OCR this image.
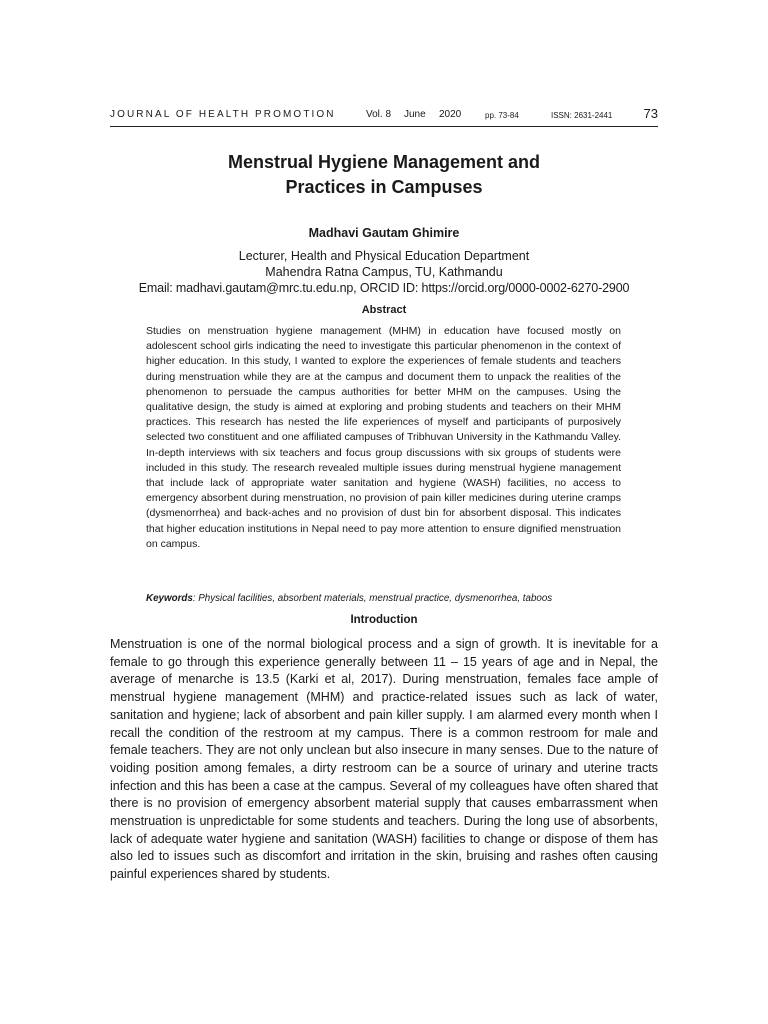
JOURNAL OF HEALTH PROMOTION	Vol. 8 June 2020	pp. 73-84	ISSN: 2631-2441 73
Menstrual Hygiene Management and
Practices in Campuses
Madhavi Gautam Ghimire
Lecturer, Health and Physical Education Department
Mahendra Ratna Campus, TU, Kathmandu
Email: madhavi.gautam@mrc.tu.edu.np, ORCID ID: https://orcid.org/0000-0002-6270-2900
Abstract

Studies on menstruation hygiene management (MHM) in education have focused mostly on adolescent school girls indicating the need to investigate this particular phenomenon in the context of higher education. In this study, I wanted to explore the experiences of female students and teachers during menstruation while they are at the campus and document them to unpack the realities of the phenomenon to persuade the campus authorities for better MHM on the campuses. Using the qualitative design, the study is aimed at exploring and probing students and teachers on their MHM practices. This research has nested the life experiences of myself and participants of purposively selected two constituent and one affiliated campuses of Tribhuvan University in the Kathmandu Valley. In-depth interviews with six teachers and focus group discussions with six groups of students were included in this study. The research revealed multiple issues during menstrual hygiene management that include lack of appropriate water sanitation and hygiene (WASH) facilities, no access to emergency absorbent during menstruation, no provision of pain killer medicines during uterine cramps (dysmenorrhea) and back-aches and no provision of dust bin for absorbent disposal. This indicates that higher education institutions in Nepal need to pay more attention to ensure dignified menstruation on campus.

Keywords: Physical facilities, absorbent materials, menstrual practice, dysmenorrhea, taboos
Introduction

Menstruation is one of the normal biological process and a sign of growth. It is inevitable for a female to go through this experience generally between 11 – 15 years of age and in Nepal, the average of menarche is 13.5 (Karki et al, 2017). During menstruation, females face ample of menstrual hygiene management (MHM) and practice-related issues such as lack of water, sanitation and hygiene; lack of absorbent and pain killer supply. I am alarmed every month when I recall the condition of the restroom at my campus. There is a common restroom for male and female teachers. They are not only unclean but also insecure in many senses. Due to the nature of voiding position among females, a dirty restroom can be a source of urinary and uterine tracts infection and this has been a case at the campus. Several of my colleagues have often shared that there is no provision of emergency absorbent material supply that causes embarrassment when menstruation is unpredictable for some students and teachers. During the long use of absorbents, lack of adequate water hygiene and sanitation (WASH) facilities to change or dispose of them has also led to issues such as discomfort and irritation in the skin, bruising and rashes often causing painful experiences shared by students.
